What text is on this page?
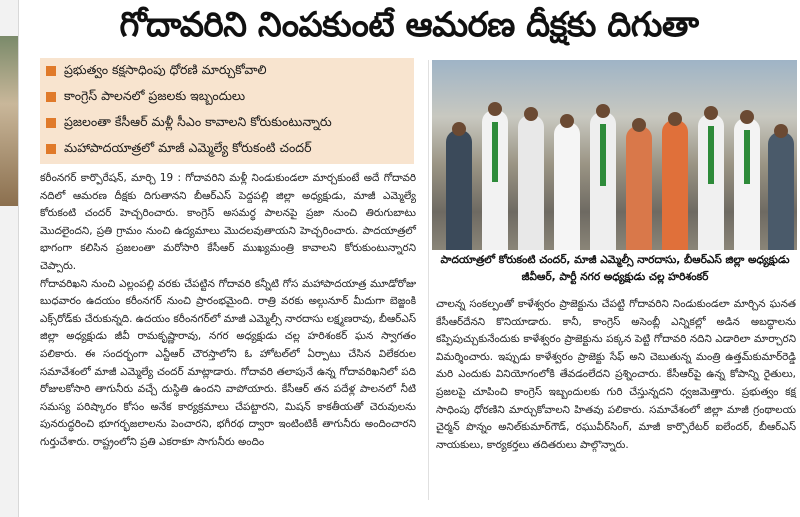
గోదావరిని నింపకుంటే ఆమరణ దీక్షకు దిగుతా
ప్రభుత్వం కక్షసాధింపు ధోరణి మార్చుకోవాలి
కాంగ్రెస్ పాలనలో ప్రజలకు ఇబ్బందులు
ప్రజలంతా కేసీఆర్ మళ్లీ సీఎం కావాలని కోరుకుంటున్నారు
మహాపాదయాత్రలో మాజీ ఎమ్మెల్యే కోరుకంటి చందర్

కరీంనగర్ కార్పొరేషన్, మార్చి 19 : గోదావరిని మళ్లీ నిండుకుండలా మార్చకుంటే అదే గోదావరి నదిలో ఆమరణ దీక్షకు దిగుతానని బీఆర్ఎస్ పెద్దపల్లి జిల్లా అధ్యక్షుడు, మాజీ ఎమ్మెల్యే కోరుకంటి చందర్ హెచ్చరించారు. కాంగ్రెస్ అసమర్థ పాలనపై ప్రజా నుంచి తిరుగుబాటు మొదలైందని, ప్రతి గ్రామం నుంచి ఉద్యమాలు మొదలవుతాయని హెచ్చరించారు. పాదయాత్రలో భాగంగా కలిసిన ప్రజలంతా మరోసారి కేసీఆర్ ముఖ్యమంత్రి కావాలని కోరుకుంటున్నారని చెప్పారు.

గోదావరిఖని నుంచి ఎల్లంపల్లి వరకు చేపట్టిన గోదావరి కన్నీటి గోస మహాపాదయాత్ర మూడోరోజు బుధవారం ఉదయం కరీంనగర్ నుంచి ప్రారంభమైంది. రాత్రి వరకు అల్గునూర్ మీదుగా బెజ్జంకి ఎక్స్‌రోడ్‌కు చేరుకున్నది. ఉదయం కరీంనగర్‌లో మాజీ ఎమ్మెల్సీ నారదాసు లక్ష్మణరావు, బీఆర్ఎస్ జిల్లా అధ్యక్షుడు జీవీ రామకృష్ణారావు, నగర అధ్యక్షుడు చల్ల హరిశంకర్ ఘన స్వాగతం పలికారు. ఈ సందర్భంగా ఎన్టీఆర్ చౌరస్తాలోని ఓ హోటల్‌లో ఏర్పాటు చేసిన విలేకరుల సమావేశంలో మాజీ ఎమ్మెల్యే చందర్ మాట్లాడారు. గోదావరి తలాపునే ఉన్న గోదావరిఖనిలో పది రోజులకోసారి తాగునీరు వచ్చే దుస్థితి ఉందని వాపోయారు. కేసీఆర్ తన పదేళ్ల పాలనలో నీటి సమస్య పరిష్కారం కోసం అనేక కార్యక్రమాలు చేపట్టారని, మిషన్ కాకతీయతో చెరువులను పునరుద్ధరించి భూగర్భజలాలను పెంచారని, భగీరథ ద్వారా ఇంటింటికీ తాగునీరు అందించారని గుర్తుచేశారు. రాష్ట్రంలోని ప్రతి ఎకరాకూ సాగునీరు అందిం

పాదయాత్రలో కోరుకంటి చందర్, మాజీ ఎమ్మెల్సీ నారదాసు, బీఆర్ఎస్ జిల్లా అధ్యక్షుడు జీవీఆర్, పార్టీ నగర అధ్యక్షుడు చల్ల హరిశంకర్

చాలన్న సంకల్పంతో కాళేశ్వరం ప్రాజెక్టును చేపట్టి గోదావరిని నిండుకుండలా మార్చిన ఘనత కేసీఆర్‌దేనని కొనియాడారు. కానీ, కాంగ్రెస్ అసెంబ్లీ ఎన్నికల్లో అడిన అబద్ధాలను కప్పిపుచ్చుకునేందుకు కాళేశ్వరం ప్రాజెక్టును పక్కన పెట్టి గోదావరి నదిని ఎడారిలా మార్చారని విమర్శించారు. ఇప్పుడు కాళేశ్వరం ప్రాజెక్టు సేఫ్ అని చెబుతున్న మంత్రి ఉత్తమ్‌కుమార్‌రెడ్డి మరి ఎందుకు వినియోగంలోకి తేవడంలేదని ప్రశ్నించారు. కేసీఆర్‌పై ఉన్న కోపాన్ని రైతులు, ప్రజలపై చూపించి కాంగ్రెస్ ఇబ్బందులకు గురి చేస్తున్నదని ధ్వజమెత్తారు. ప్రభుత్వం కక్ష సాధింపు ధోరణిని మార్చుకోవాలని హితవు పలికారు. సమావేశంలో జిల్లా మాజీ గ్రంథాలయ చైర్మన్ పొన్నం అనిల్‌కుమార్‌గౌడ్, రఘువీర్‌సింగ్, మాజీ కార్పొరేటర్ ఐలేందర్, బీఆర్ఎస్ నాయకులు, కార్యకర్తలు తదితరులు పాల్గొన్నారు.
